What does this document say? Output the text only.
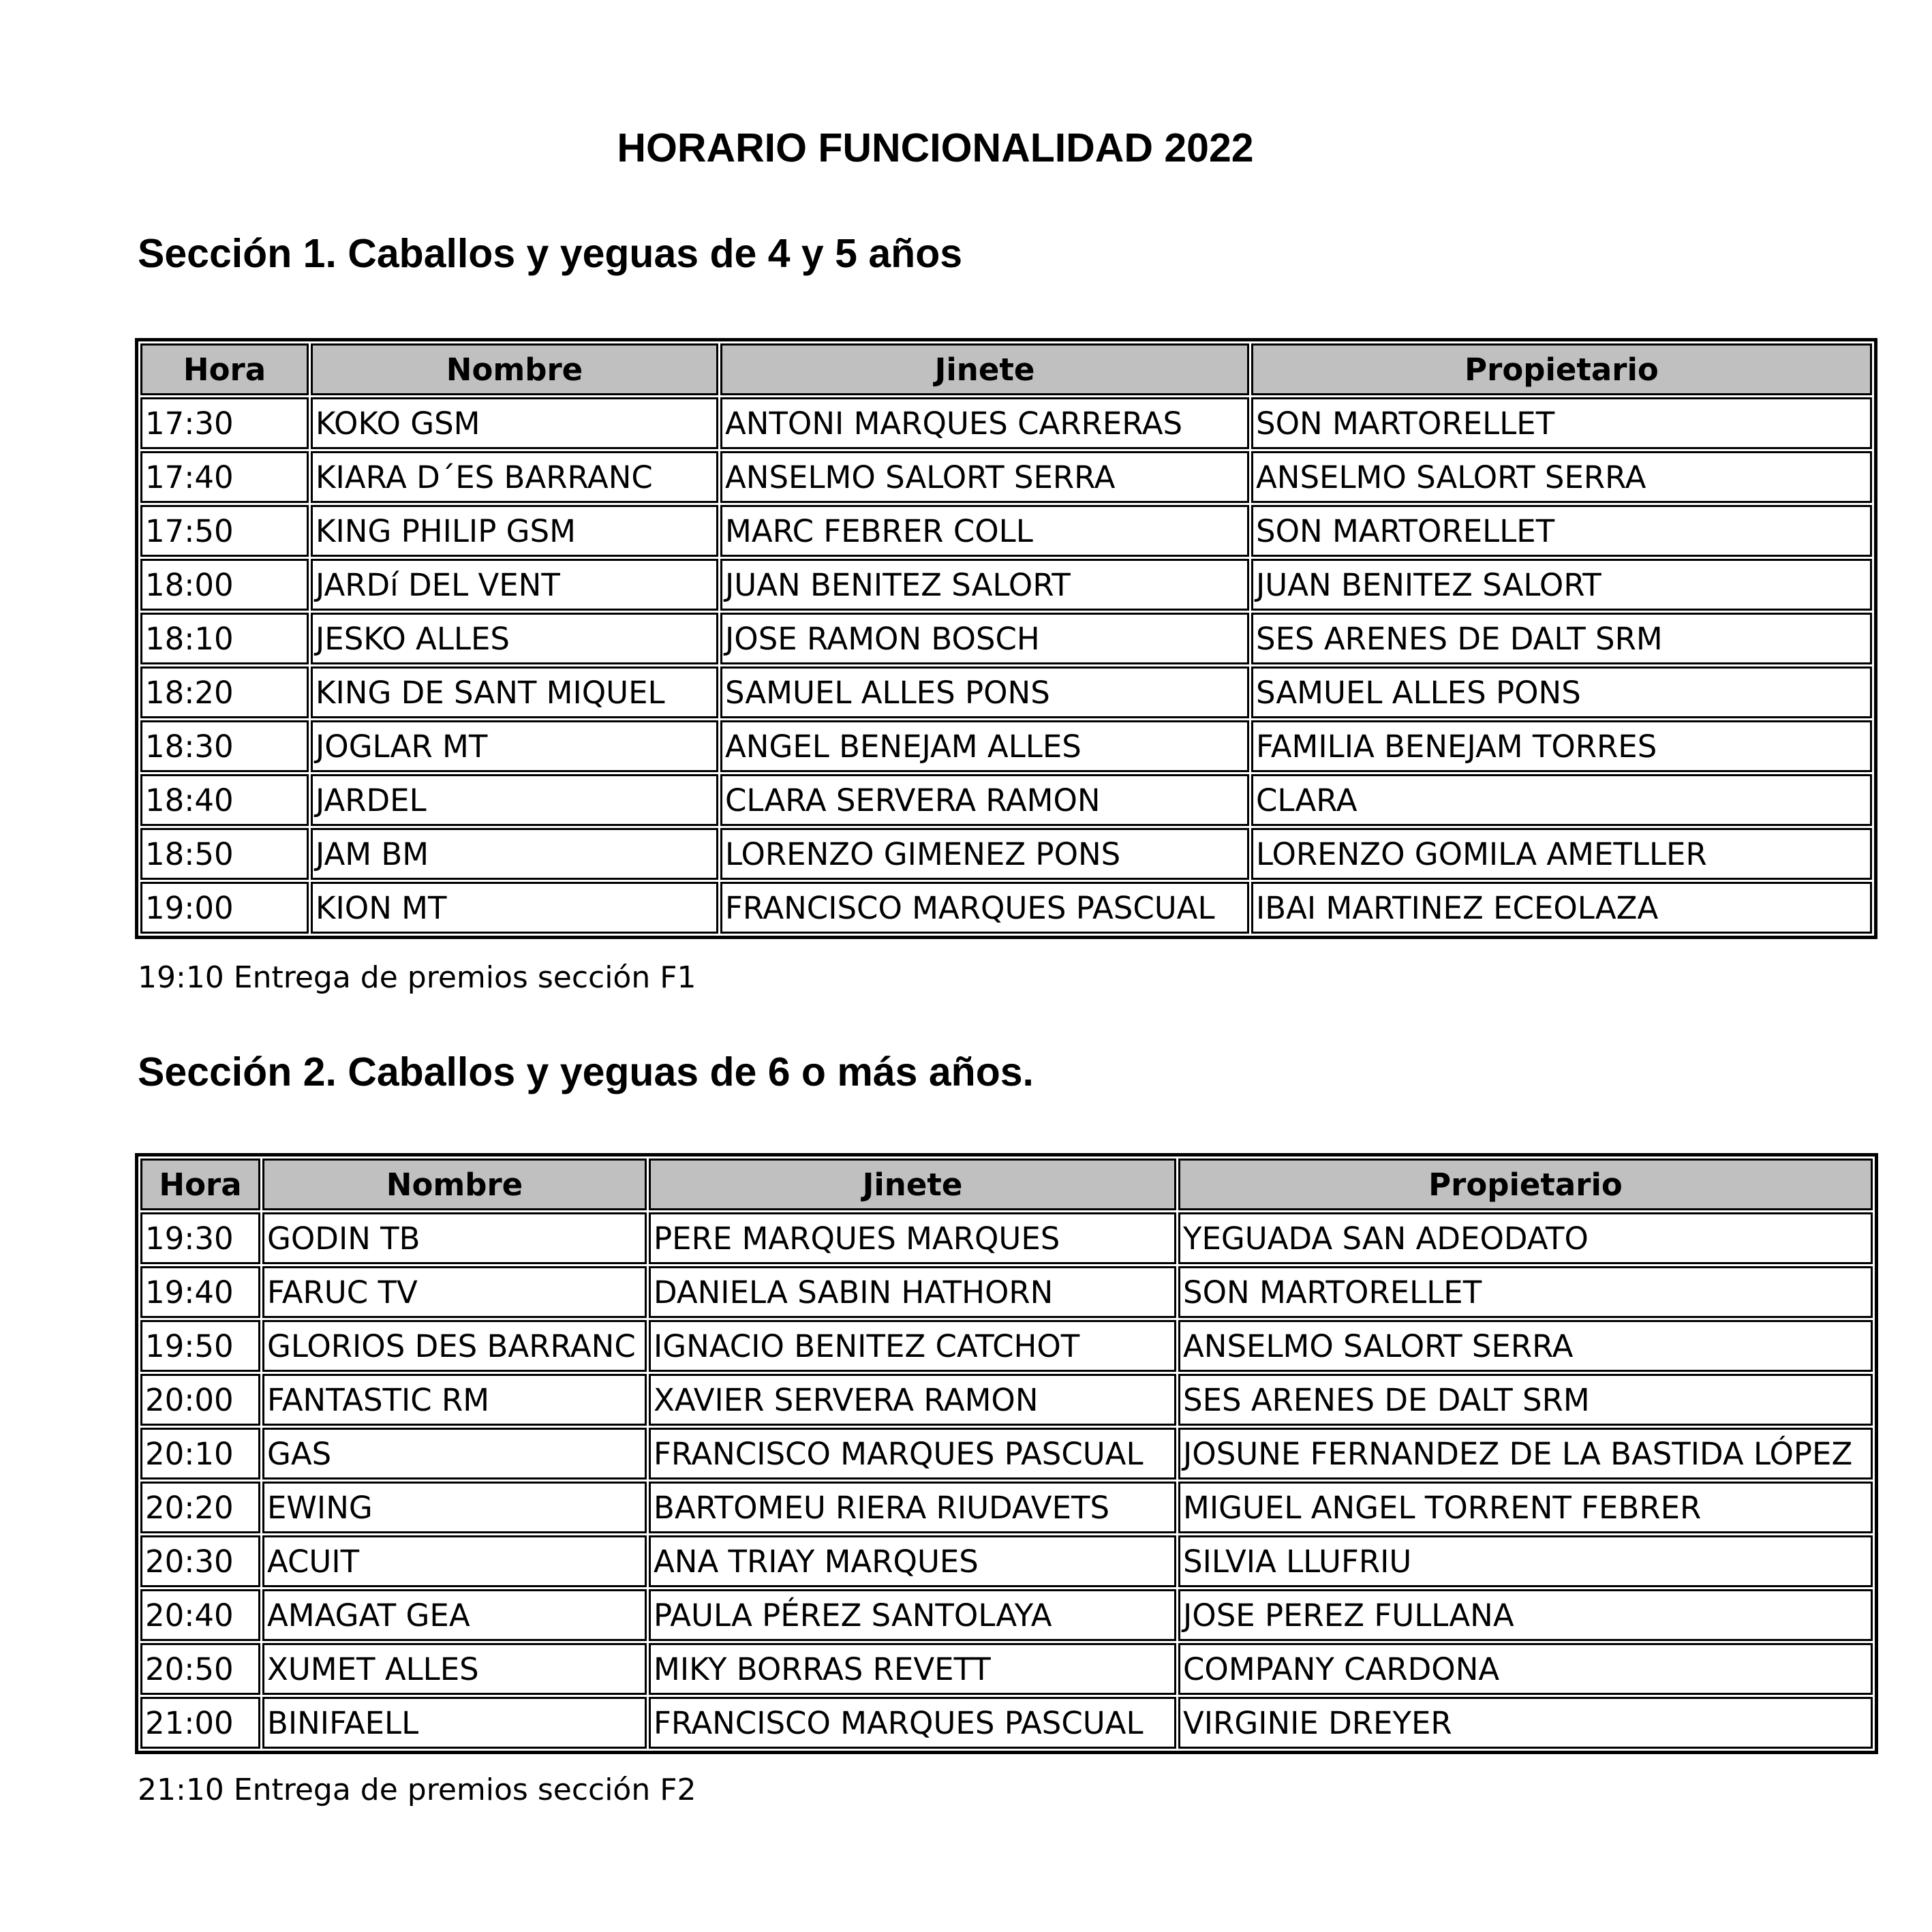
HORARIO FUNCIONALIDAD 2022
Sección 1. Caballos y yeguas de 4 y 5 años
Hora	Nombre	Jinete	Propietario
17:30	KOKO GSM	ANTONI MARQUES CARRERAS	SON MARTORELLET
17:40	KIARA D´ES BARRANC	ANSELMO SALORT SERRA	ANSELMO SALORT SERRA
17:50	KING PHILIP GSM	MARC FEBRER COLL	SON MARTORELLET
18:00	JARDí DEL VENT	JUAN BENITEZ SALORT	JUAN BENITEZ SALORT
18:10	JESKO ALLES	JOSE RAMON BOSCH	SES ARENES DE DALT SRM
18:20	KING DE SANT MIQUEL	SAMUEL ALLES PONS	SAMUEL ALLES PONS
18:30	JOGLAR MT	ANGEL BENEJAM ALLES	FAMILIA BENEJAM TORRES
18:40	JARDEL	CLARA SERVERA RAMON	CLARA
18:50	JAM BM	LORENZO GIMENEZ PONS	LORENZO GOMILA AMETLLER
19:00	KION MT	FRANCISCO MARQUES PASCUAL	IBAI MARTINEZ ECEOLAZA
19:10 Entrega de premios sección F1
Sección 2. Caballos y yeguas de 6 o más años.
Hora	Nombre	Jinete	Propietario
19:30	GODIN TB	PERE MARQUES MARQUES	YEGUADA SAN ADEODATO
19:40	FARUC TV	DANIELA SABIN HATHORN	SON MARTORELLET
19:50	GLORIOS DES BARRANC	IGNACIO BENITEZ CATCHOT	ANSELMO SALORT SERRA
20:00	FANTASTIC RM	XAVIER SERVERA RAMON	SES ARENES DE DALT SRM
20:10	GAS	FRANCISCO MARQUES PASCUAL	JOSUNE FERNANDEZ DE LA BASTIDA LÓPEZ
20:20	EWING	BARTOMEU RIERA RIUDAVETS	MIGUEL ANGEL TORRENT FEBRER
20:30	ACUIT	ANA TRIAY MARQUES	SILVIA LLUFRIU
20:40	AMAGAT GEA	PAULA PÉREZ SANTOLAYA	JOSE PEREZ FULLANA
20:50	XUMET ALLES	MIKY BORRAS REVETT	COMPANY CARDONA
21:00	BINIFAELL	FRANCISCO MARQUES PASCUAL	VIRGINIE DREYER
21:10 Entrega de premios sección F2
